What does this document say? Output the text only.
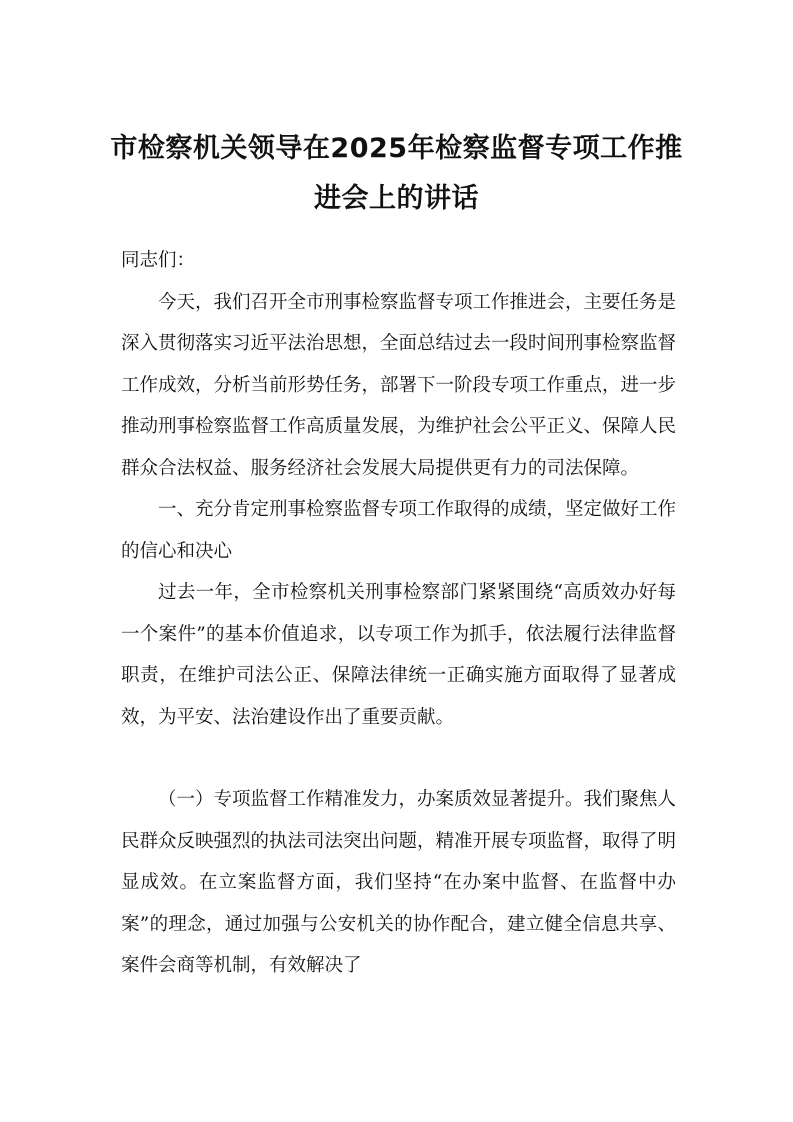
市检察机关领导在2025年检察监督专项工作推进会上的讲话

同志们：

今天，我们召开全市刑事检察监督专项工作推进会，主要任务是深入贯彻落实习近平法治思想，全面总结过去一段时间刑事检察监督工作成效，分析当前形势任务，部署下一阶段专项工作重点，进一步推动刑事检察监督工作高质量发展，为维护社会公平正义、保障人民群众合法权益、服务经济社会发展大局提供更有力的司法保障。

一、充分肯定刑事检察监督专项工作取得的成绩，坚定做好工作的信心和决心

过去一年，全市检察机关刑事检察部门紧紧围绕“高质效办好每一个案件”的基本价值追求，以专项工作为抓手，依法履行法律监督职责，在维护司法公正、保障法律统一正确实施方面取得了显著成效，为平安、法治建设作出了重要贡献。

（一）专项监督工作精准发力，办案质效显著提升。我们聚焦人民群众反映强烈的执法司法突出问题，精准开展专项监督，取得了明显成效。在立案监督方面，我们坚持“在办案中监督、在监督中办案”的理念，通过加强与公安机关的协作配合，建立健全信息共享、案件会商等机制，有效解决了
